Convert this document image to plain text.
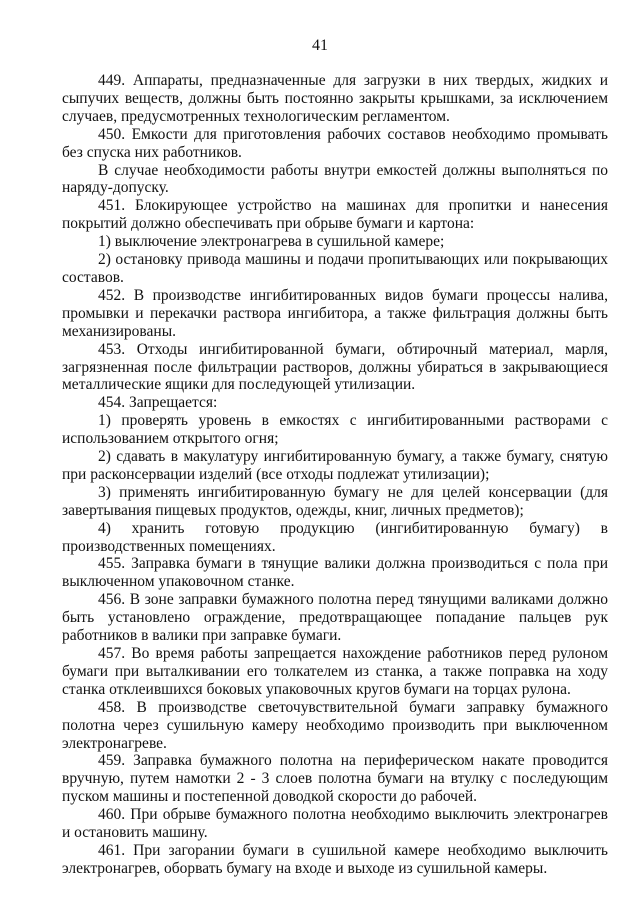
41

449. Аппараты, предназначенные для загрузки в них твердых, жидких и сыпучих веществ, должны быть постоянно закрыты крышками, за исключением случаев, предусмотренных технологическим регламентом.

450. Емкости для приготовления рабочих составов необходимо промывать без спуска них работников.

В случае необходимости работы внутри емкостей должны выполняться по наряду-допуску.

451. Блокирующее устройство на машинах для пропитки и нанесения покрытий должно обеспечивать при обрыве бумаги и картона:

1) выключение электронагрева в сушильной камере;

2) остановку привода машины и подачи пропитывающих или покрывающих составов.

452. В производстве ингибитированных видов бумаги процессы налива, промывки и перекачки раствора ингибитора, а также фильтрация должны быть механизированы.

453. Отходы ингибитированной бумаги, обтирочный материал, марля, загрязненная после фильтрации растворов, должны убираться в закрывающиеся металлические ящики для последующей утилизации.

454. Запрещается:

1) проверять уровень в емкостях с ингибитированными растворами с использованием открытого огня;

2) сдавать в макулатуру ингибитированную бумагу, а также бумагу, снятую при расконсервации изделий (все отходы подлежат утилизации);

3) применять ингибитированную бумагу не для целей консервации (для завертывания пищевых продуктов, одежды, книг, личных предметов);

4) хранить готовую продукцию (ингибитированную бумагу) в производственных помещениях.

455. Заправка бумаги в тянущие валики должна производиться с пола при выключенном упаковочном станке.

456. В зоне заправки бумажного полотна перед тянущими валиками должно быть установлено ограждение, предотвращающее попадание пальцев рук работников в валики при заправке бумаги.

457. Во время работы запрещается нахождение работников перед рулоном бумаги при выталкивании его толкателем из станка, а также поправка на ходу станка отклеившихся боковых упаковочных кругов бумаги на торцах рулона.

458. В производстве светочувствительной бумаги заправку бумажного полотна через сушильную камеру необходимо производить при выключенном электронагреве.

459. Заправка бумажного полотна на периферическом накате проводится вручную, путем намотки 2 - 3 слоев полотна бумаги на втулку с последующим пуском машины и постепенной доводкой скорости до рабочей.

460. При обрыве бумажного полотна необходимо выключить электронагрев и остановить машину.

461. При загорании бумаги в сушильной камере необходимо выключить электронагрев, оборвать бумагу на входе и выходе из сушильной камеры.
